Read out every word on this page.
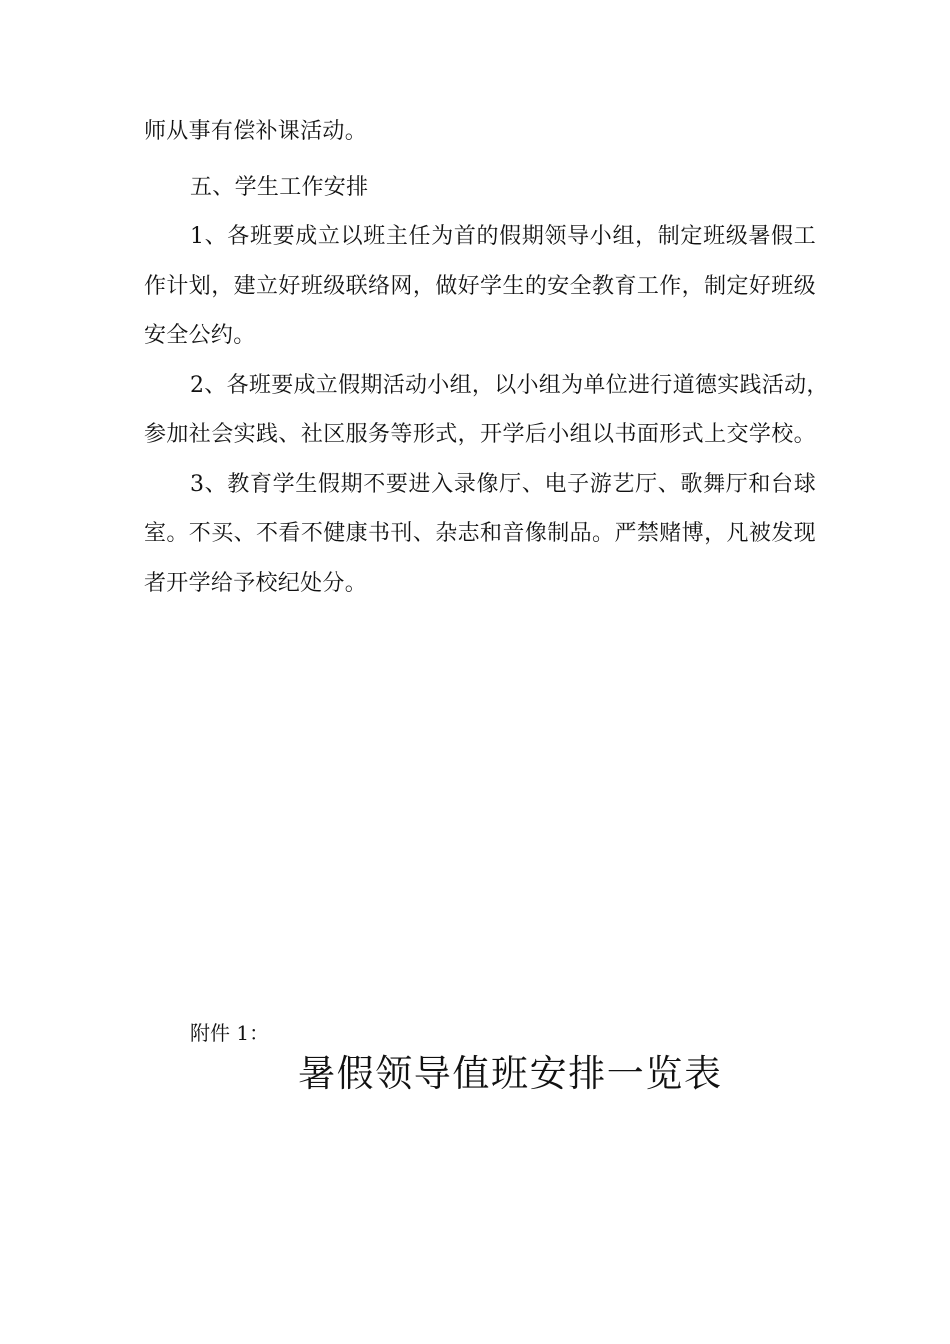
师从事有偿补课活动。
五、学生工作安排
1、各班要成立以班主任为首的假期领导小组，制定班级暑假工
作计划，建立好班级联络网，做好学生的安全教育工作，制定好班级
安全公约。
2、各班要成立假期活动小组，以小组为单位进行道德实践活动，
参加社会实践、社区服务等形式，开学后小组以书面形式上交学校。
3、教育学生假期不要进入录像厅、电子游艺厅、歌舞厅和台球
室。不买、不看不健康书刊、杂志和音像制品。严禁赌博，凡被发现
者开学给予校纪处分。
附件 1：
暑假领导值班安排一览表
